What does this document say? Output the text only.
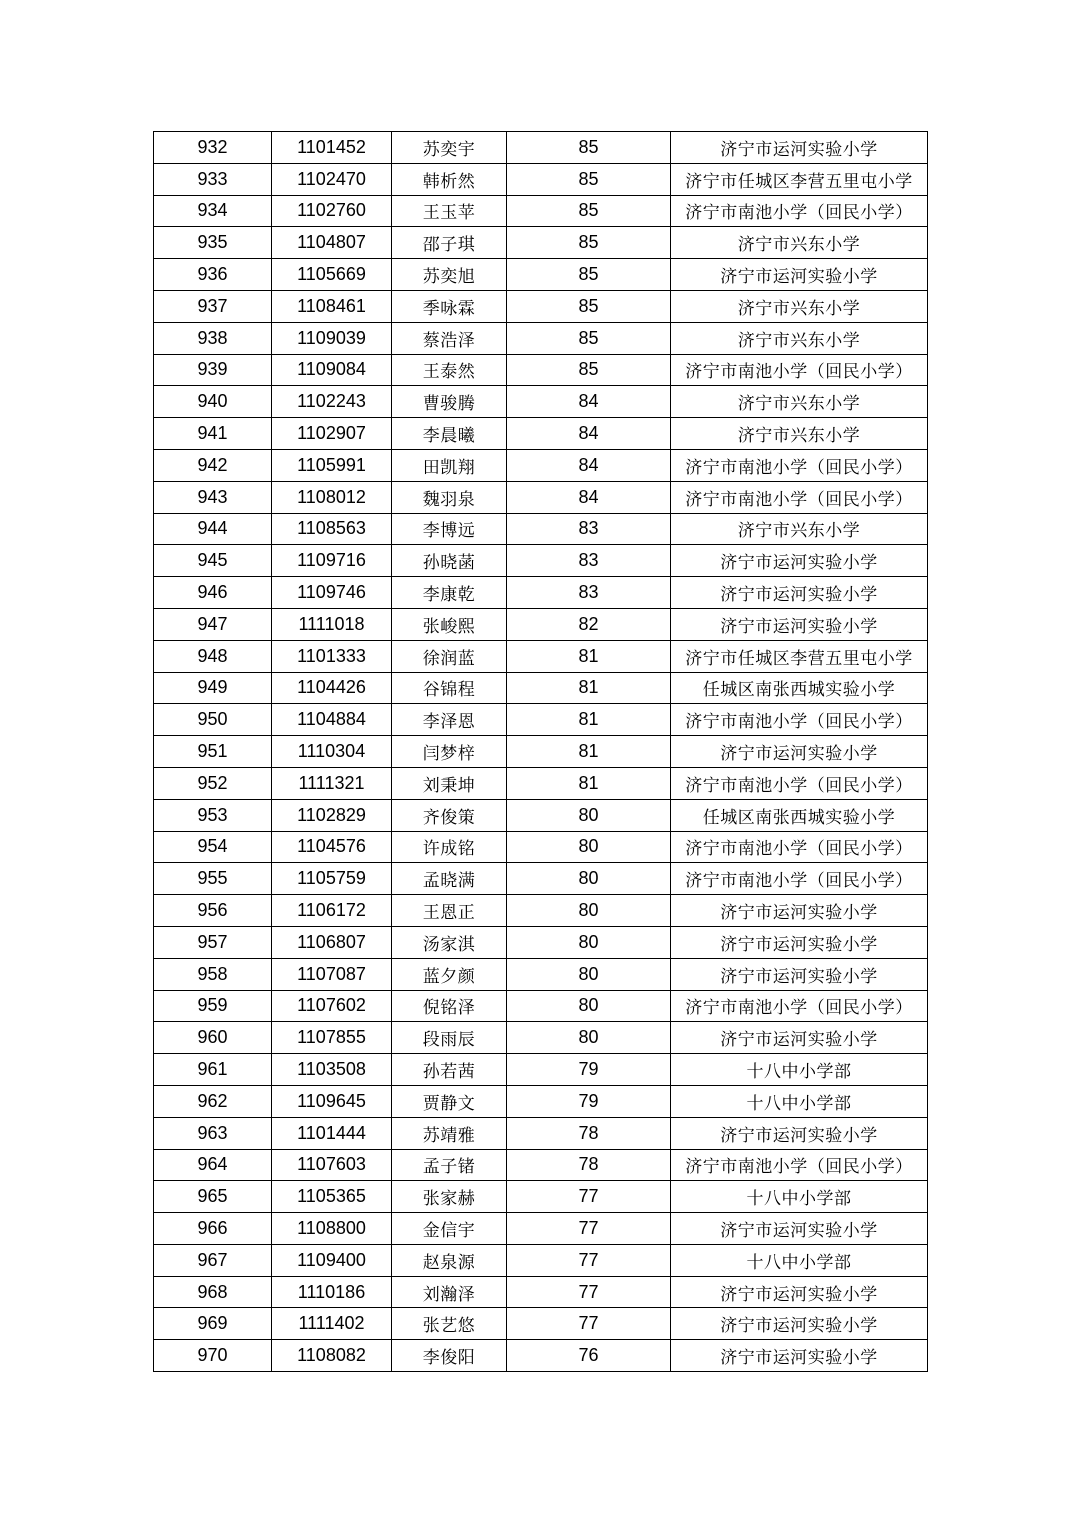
932	1101452	苏奕宇	85	济宁市运河实验小学
933	1102470	韩析然	85	济宁市任城区李营五里屯小学
934	1102760	王玉苹	85	济宁市南池小学（回民小学）
935	1104807	邵子琪	85	济宁市兴东小学
936	1105669	苏奕旭	85	济宁市运河实验小学
937	1108461	季咏霖	85	济宁市兴东小学
938	1109039	蔡浩泽	85	济宁市兴东小学
939	1109084	王泰然	85	济宁市南池小学（回民小学）
940	1102243	曹骏腾	84	济宁市兴东小学
941	1102907	李晨曦	84	济宁市兴东小学
942	1105991	田凯翔	84	济宁市南池小学（回民小学）
943	1108012	魏羽泉	84	济宁市南池小学（回民小学）
944	1108563	李博远	83	济宁市兴东小学
945	1109716	孙晓菡	83	济宁市运河实验小学
946	1109746	李康乾	83	济宁市运河实验小学
947	1111018	张峻熙	82	济宁市运河实验小学
948	1101333	徐润蓝	81	济宁市任城区李营五里屯小学
949	1104426	谷锦程	81	任城区南张西城实验小学
950	1104884	李泽恩	81	济宁市南池小学（回民小学）
951	1110304	闫梦梓	81	济宁市运河实验小学
952	1111321	刘秉坤	81	济宁市南池小学（回民小学）
953	1102829	齐俊策	80	任城区南张西城实验小学
954	1104576	许成铭	80	济宁市南池小学（回民小学）
955	1105759	孟晓满	80	济宁市南池小学（回民小学）
956	1106172	王恩正	80	济宁市运河实验小学
957	1106807	汤家淇	80	济宁市运河实验小学
958	1107087	蓝夕颜	80	济宁市运河实验小学
959	1107602	倪铭泽	80	济宁市南池小学（回民小学）
960	1107855	段雨辰	80	济宁市运河实验小学
961	1103508	孙若茜	79	十八中小学部
962	1109645	贾静文	79	十八中小学部
963	1101444	苏靖雅	78	济宁市运河实验小学
964	1107603	孟子锗	78	济宁市南池小学（回民小学）
965	1105365	张家赫	77	十八中小学部
966	1108800	金信宇	77	济宁市运河实验小学
967	1109400	赵泉源	77	十八中小学部
968	1110186	刘瀚泽	77	济宁市运河实验小学
969	1111402	张艺悠	77	济宁市运河实验小学
970	1108082	李俊阳	76	济宁市运河实验小学
